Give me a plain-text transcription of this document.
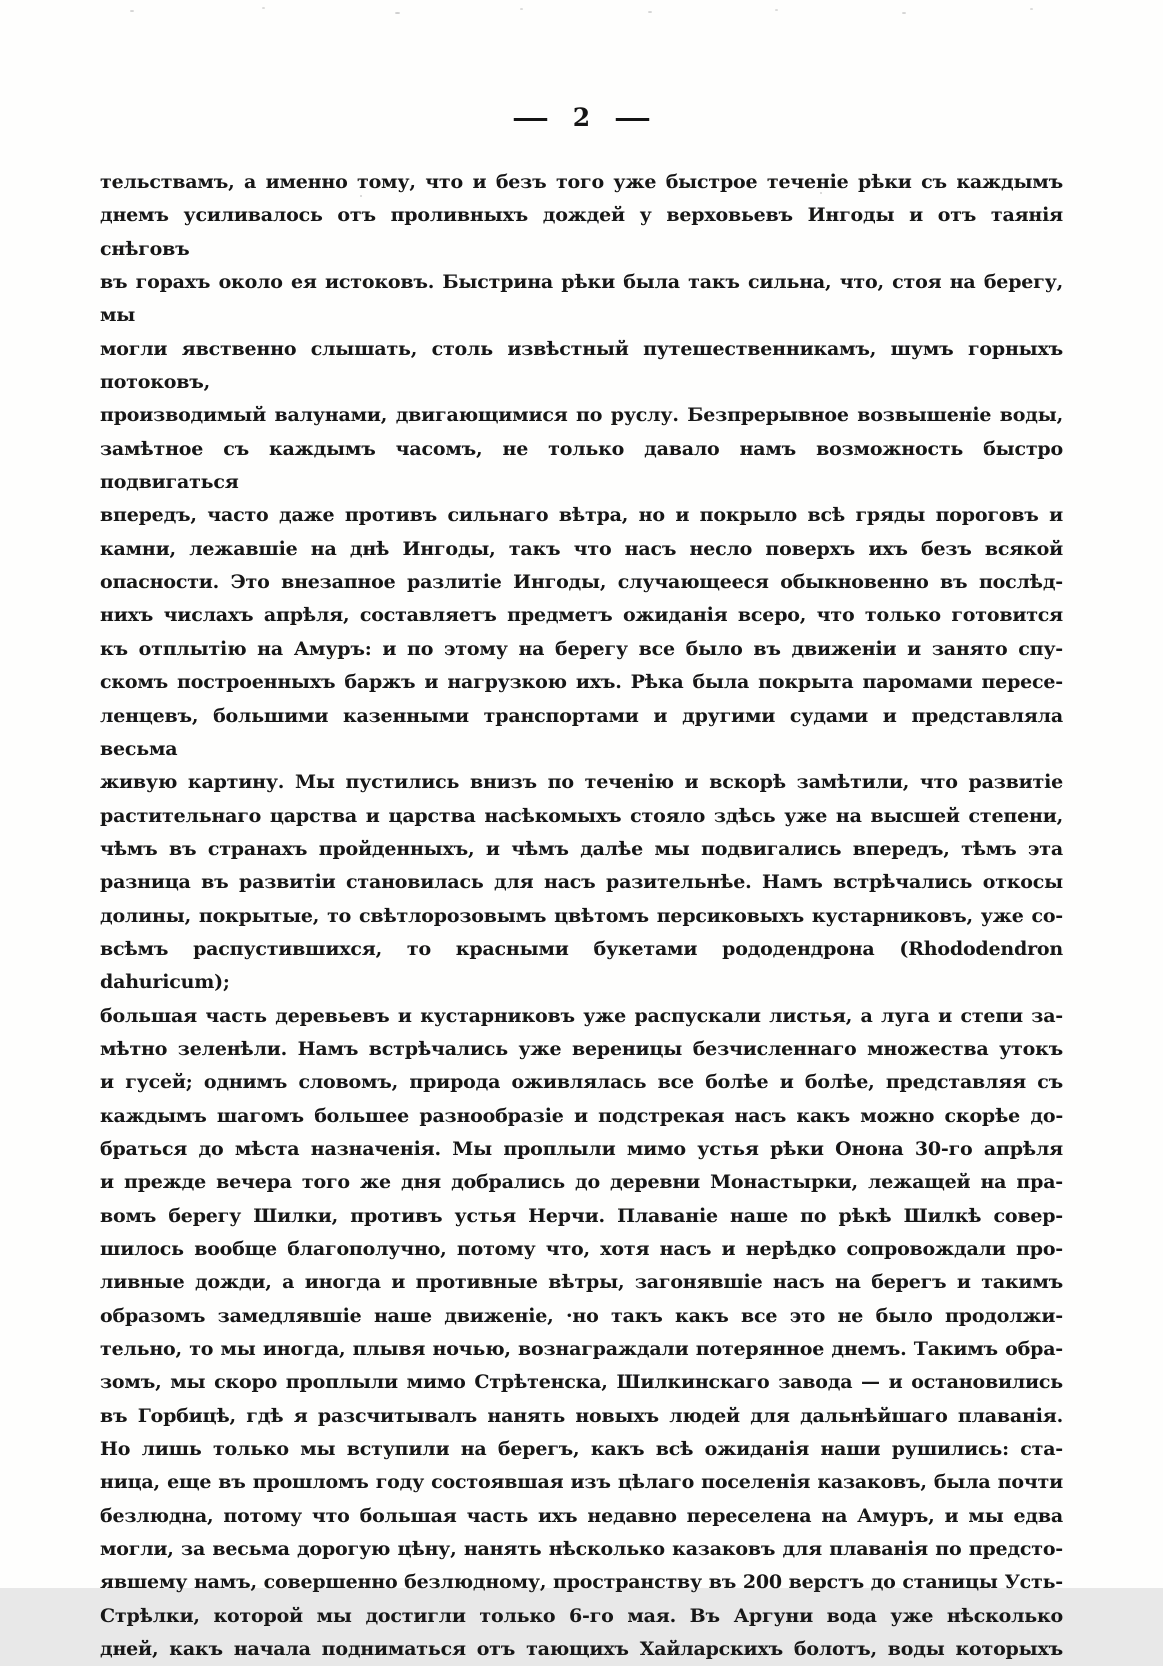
— 2 —
тельствамъ, а именно тому, что и безъ того уже быстрое теченіе рѣки съ каждымъ
днемъ усиливалось отъ проливныхъ дождей у верховьевъ Ингоды и отъ таянія снѣговъ
въ горахъ около ея истоковъ. Быстрина рѣки была такъ сильна, что, стоя на берегу, мы
могли явственно слышать, столь извѣстный путешественникамъ, шумъ горныхъ потоковъ,
производимый валунами, двигающимися по руслу. Безпрерывное возвышеніе воды,
замѣтное съ каждымъ часомъ, не только давало намъ возможность быстро подвигаться
впередъ, часто даже противъ сильнаго вѣтра, но и покрыло всѣ гряды пороговъ и
камни, лежавшіе на днѣ Ингоды, такъ что насъ несло поверхъ ихъ безъ всякой
опасности. Это внезапное разлитіе Ингоды, случающееся обыкновенно въ послѣд-
нихъ числахъ апрѣля, составляетъ предметъ ожиданія всеро, что только готовится
къ отплытію на Амуръ: и по этому на берегу все было въ движеніи и занято спу-
скомъ построенныхъ баржъ и нагрузкою ихъ. Рѣка была покрыта паромами пересе-
ленцевъ, большими казенными транспортами и другими судами и представляла весьма
живую картину. Мы пустились внизъ по теченію и вскорѣ замѣтили, что развитіе
растительнаго царства и царства насѣкомыхъ стояло здѣсь уже на высшей степени,
чѣмъ въ странахъ пройденныхъ, и чѣмъ далѣе мы подвигались впередъ, тѣмъ эта
разница въ развитіи становилась для насъ разительнѣе. Намъ встрѣчались откосы
долины, покрытые, то свѣтлорозовымъ цвѣтомъ персиковыхъ кустарниковъ, уже со-
всѣмъ распустившихся, то красными букетами рододендрона (Rhododendron dahuricum);
большая часть деревьевъ и кустарниковъ уже распускали листья, а луга и степи за-
мѣтно зеленѣли. Намъ встрѣчались уже вереницы безчисленнаго множества утокъ
и гусей; однимъ словомъ, природа оживлялась все болѣе и болѣе, представляя съ
каждымъ шагомъ большее разнообразіе и подстрекая насъ какъ можно скорѣе до-
браться до мѣста назначенія. Мы проплыли мимо устья рѣки Онона 30-го апрѣля
и прежде вечера того же дня добрались до деревни Монастырки, лежащей на пра-
вомъ берегу Шилки, противъ устья Нерчи. Плаваніе наше по рѣкѣ Шилкѣ совер-
шилось вообще благополучно, потому что, хотя насъ и нерѣдко сопровождали про-
ливные дожди, а иногда и противные вѣтры, загонявшіе насъ на берегъ и такимъ
образомъ замедлявшіе наше движеніе, ·но такъ какъ все это не было продолжи-
тельно, то мы иногда, плывя ночью, вознаграждали потерянное днемъ. Такимъ обра-
зомъ, мы скоро проплыли мимо Стрѣтенска, Шилкинскаго завода — и остановились
въ Горбицѣ, гдѣ я разсчитывалъ нанять новыхъ людей для дальнѣйшаго плаванія.
Но лишь только мы вступили на берегъ, какъ всѣ ожиданія наши рушились: ста-
ница, еще въ прошломъ году состоявшая изъ цѣлаго поселенія казаковъ, была почти
безлюдна, потому что большая часть ихъ недавно переселена на Амуръ, и мы едва
могли, за весьма дорогую цѣну, нанять нѣсколько казаковъ для плаванія по предсто-
явшему намъ, совершенно безлюдному, пространству въ 200 верстъ до станицы Усть-
Стрѣлки, которой мы достигли только 6-го мая. Въ Аргуни вода уже нѣсколько
дней, какъ начала подниматься отъ тающихъ Хайларскихъ болотъ, воды которыхъ
